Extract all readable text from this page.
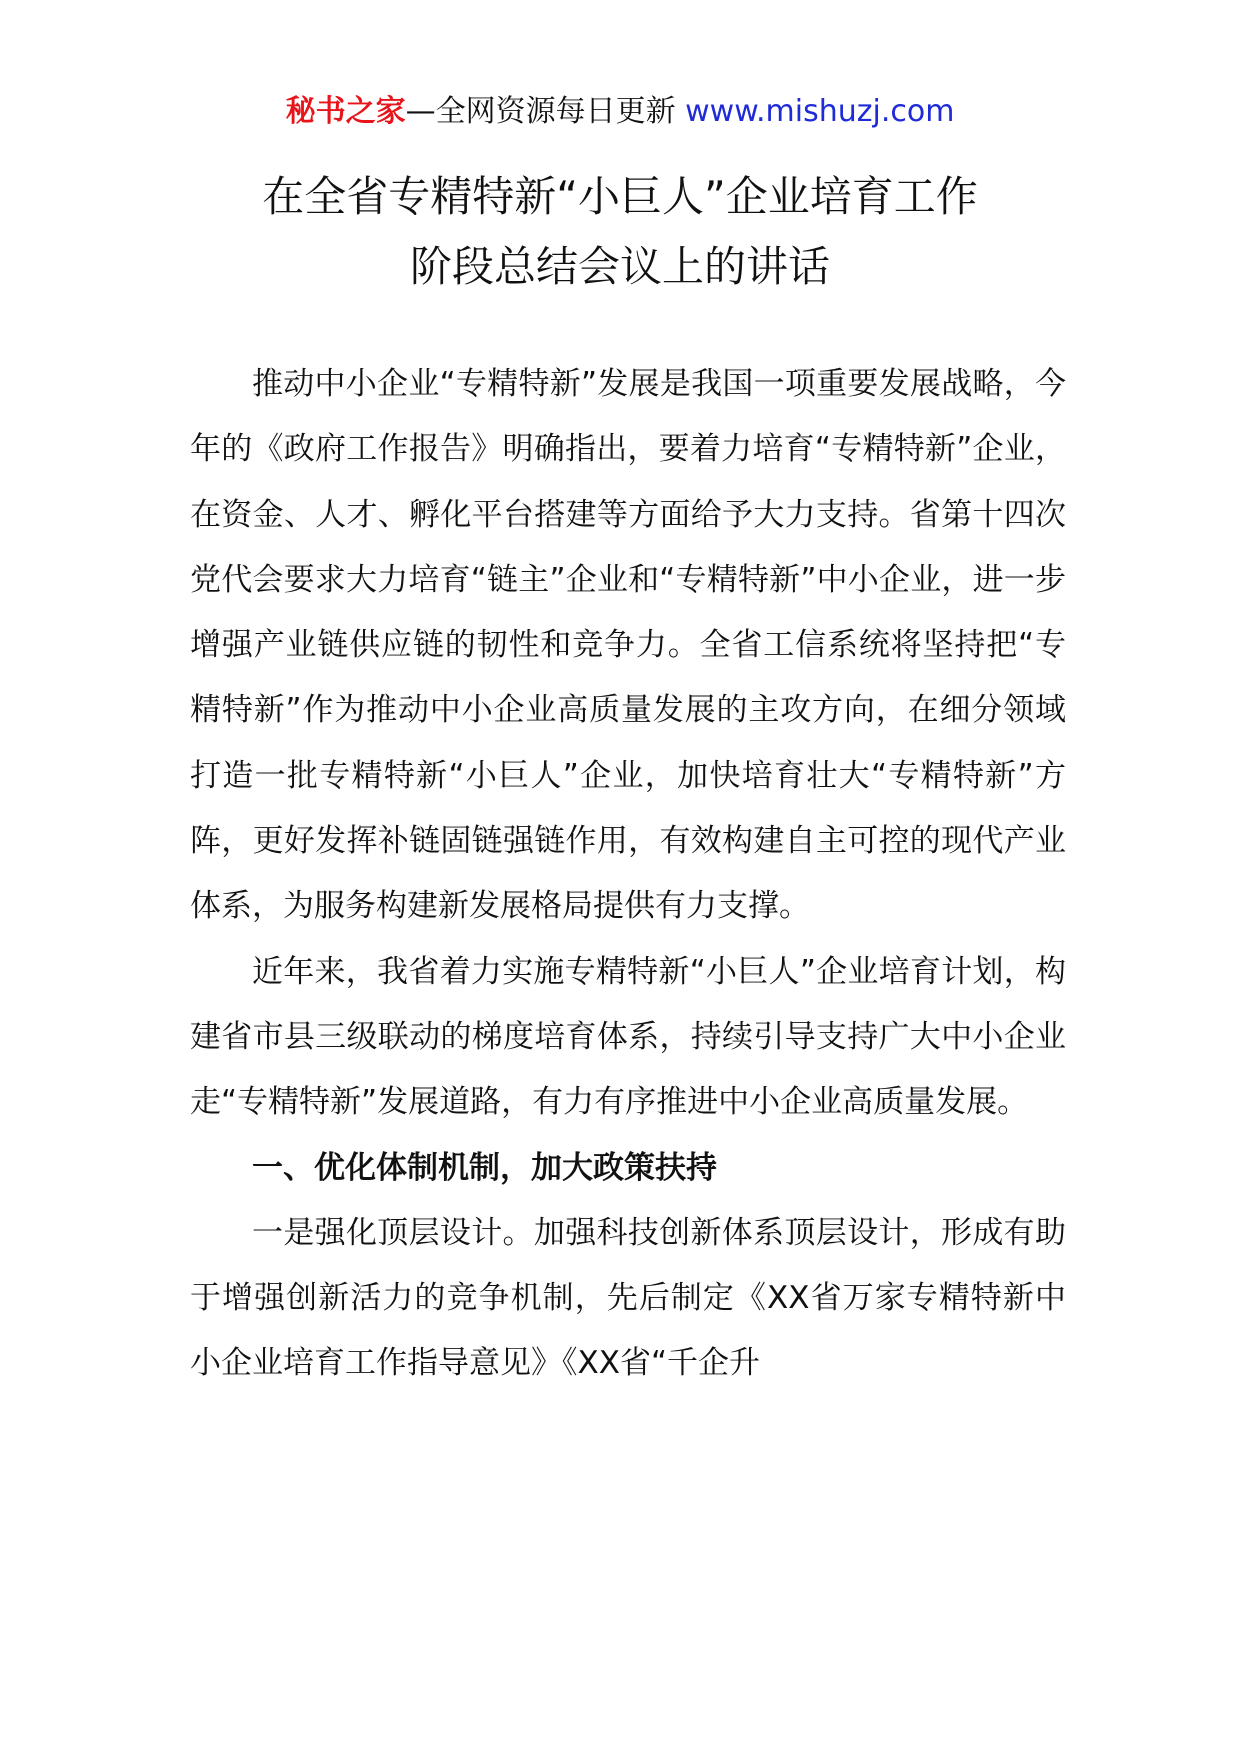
秘书之家—全网资源每日更新 www.mishuzj.com
在全省专精特新“小巨人”企业培育工作
阶段总结会议上的讲话

推动中小企业“专精特新”发展是我国一项重要发展战略，今年的《政府工作报告》明确指出，要着力培育“专精特新”企业，在资金、人才、孵化平台搭建等方面给予大力支持。省第十四次党代会要求大力培育“链主”企业和“专精特新”中小企业，进一步增强产业链供应链的韧性和竞争力。全省工信系统将坚持把“专精特新”作为推动中小企业高质量发展的主攻方向，在细分领域打造一批专精特新“小巨人”企业，加快培育壮大“专精特新”方阵，更好发挥补链固链强链作用，有效构建自主可控的现代产业体系，为服务构建新发展格局提供有力支撑。

近年来，我省着力实施专精特新“小巨人”企业培育计划，构建省市县三级联动的梯度培育体系，持续引导支持广大中小企业走“专精特新”发展道路，有力有序推进中小企业高质量发展。

一、优化体制机制，加大政策扶持

一是强化顶层设计。加强科技创新体系顶层设计，形成有助于增强创新活力的竞争机制，先后制定《XX省万家专精特新中小企业培育工作指导意见》《XX省“千企升
